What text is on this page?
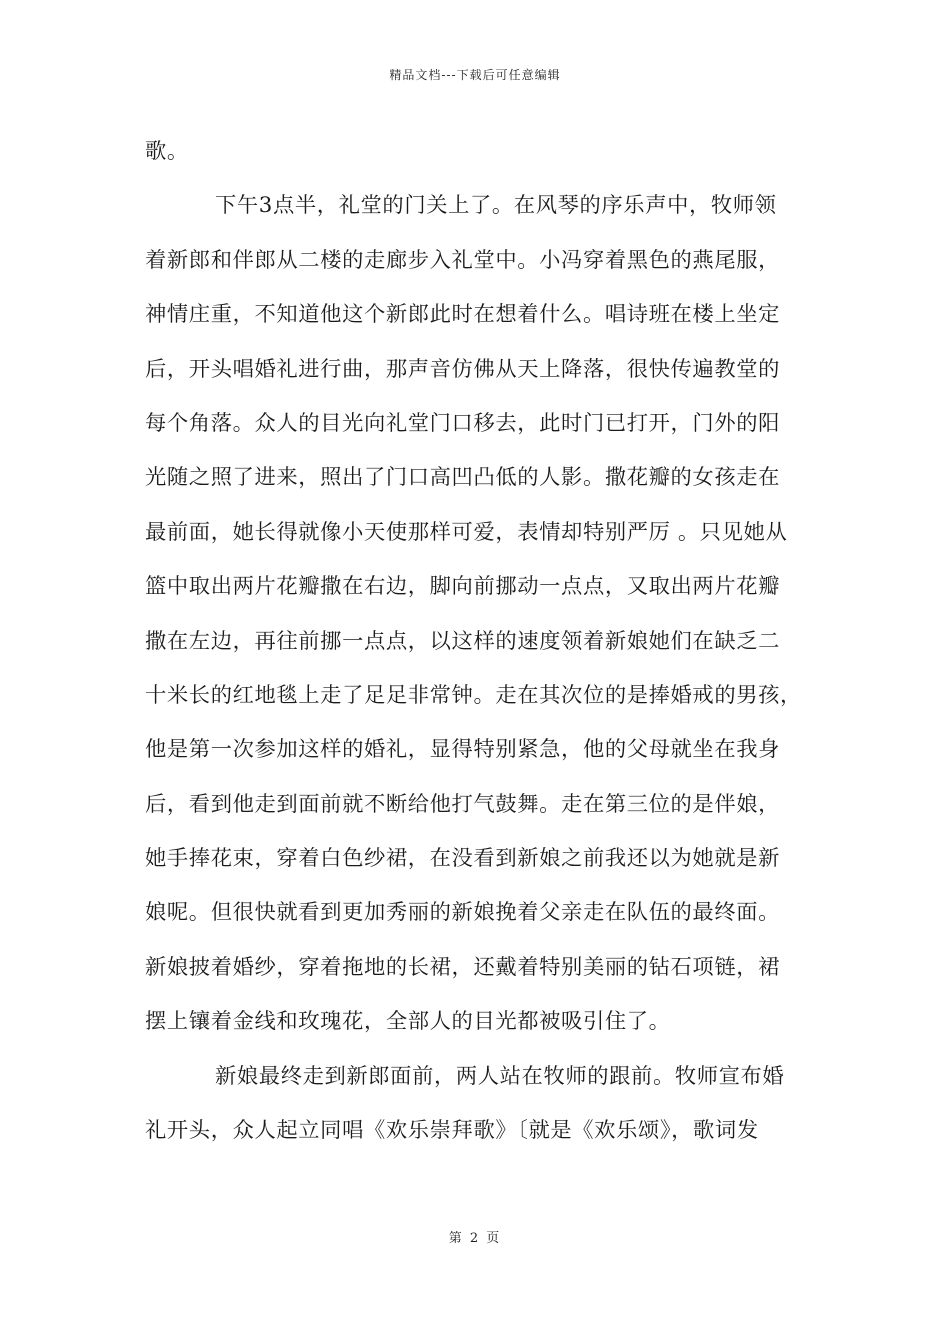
精品文档---下载后可任意编辑
歌。
下午3点半，礼堂的门关上了。在风琴的序乐声中，牧师领
着新郎和伴郎从二楼的走廊步入礼堂中。小冯穿着黑色的燕尾服，
神情庄重，不知道他这个新郎此时在想着什么。唱诗班在楼上坐定
后，开头唱婚礼进行曲，那声音仿佛从天上降落，很快传遍教堂的
每个角落。众人的目光向礼堂门口移去，此时门已打开，门外的阳
光随之照了进来，照出了门口高凹凸低的人影。撒花瓣的女孩走在
最前面，她长得就像小天使那样可爱，表情却特别严厉 。只见她从
篮中取出两片花瓣撒在右边，脚向前挪动一点点，又取出两片花瓣
撒在左边，再往前挪一点点，以这样的速度领着新娘她们在缺乏二
十米长的红地毯上走了足足非常钟。走在其次位的是捧婚戒的男孩，
他是第一次参加这样的婚礼，显得特别紧急，他的父母就坐在我身
后，看到他走到面前就不断给他打气鼓舞。走在第三位的是伴娘，
她手捧花束，穿着白色纱裙，在没看到新娘之前我还以为她就是新
娘呢。但很快就看到更加秀丽的新娘挽着父亲走在队伍的最终面。
新娘披着婚纱，穿着拖地的长裙，还戴着特别美丽的钻石项链，裙
摆上镶着金线和玫瑰花，全部人的目光都被吸引住了。
新娘最终走到新郎面前，两人站在牧师的跟前。牧师宣布婚
礼开头，众人起立同唱《欢乐崇拜歌》〔就是《欢乐颂》，歌词发
第 2 页
